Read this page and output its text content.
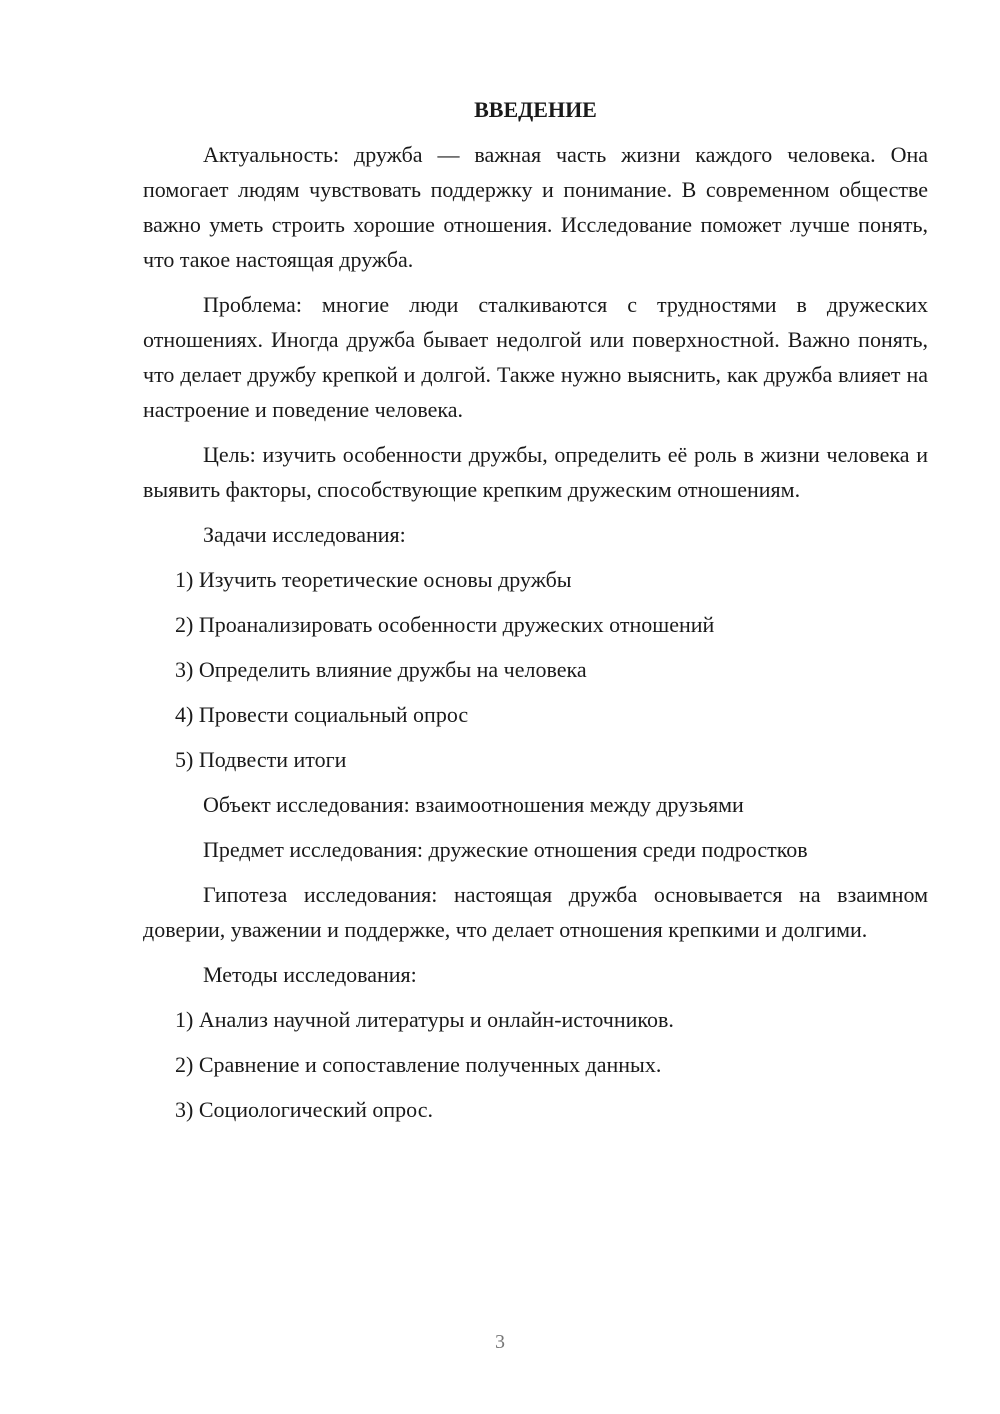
ВВЕДЕНИЕ

Актуальность: дружба — важная часть жизни каждого человека. Она помогает людям чувствовать поддержку и понимание. В современном обществе важно уметь строить хорошие отношения. Исследование поможет лучше понять, что такое настоящая дружба.

Проблема: многие люди сталкиваются с трудностями в дружеских отношениях. Иногда дружба бывает недолгой или поверхностной. Важно понять, что делает дружбу крепкой и долгой. Также нужно выяснить, как дружба влияет на настроение и поведение человека.

Цель: изучить особенности дружбы, определить её роль в жизни человека и выявить факторы, способствующие крепким дружеским отношениям.

Задачи исследования:

1) Изучить теоретические основы дружбы
2) Проанализировать особенности дружеских отношений
3) Определить влияние дружбы на человека
4) Провести социальный опрос
5) Подвести итоги

Объект исследования: взаимоотношения между друзьями

Предмет исследования: дружеские отношения среди подростков

Гипотеза исследования: настоящая дружба основывается на взаимном доверии, уважении и поддержке, что делает отношения крепкими и долгими.

Методы исследования:

1) Анализ научной литературы и онлайн-источников.
2) Сравнение и сопоставление полученных данных.
3) Социологический опрос.
3
